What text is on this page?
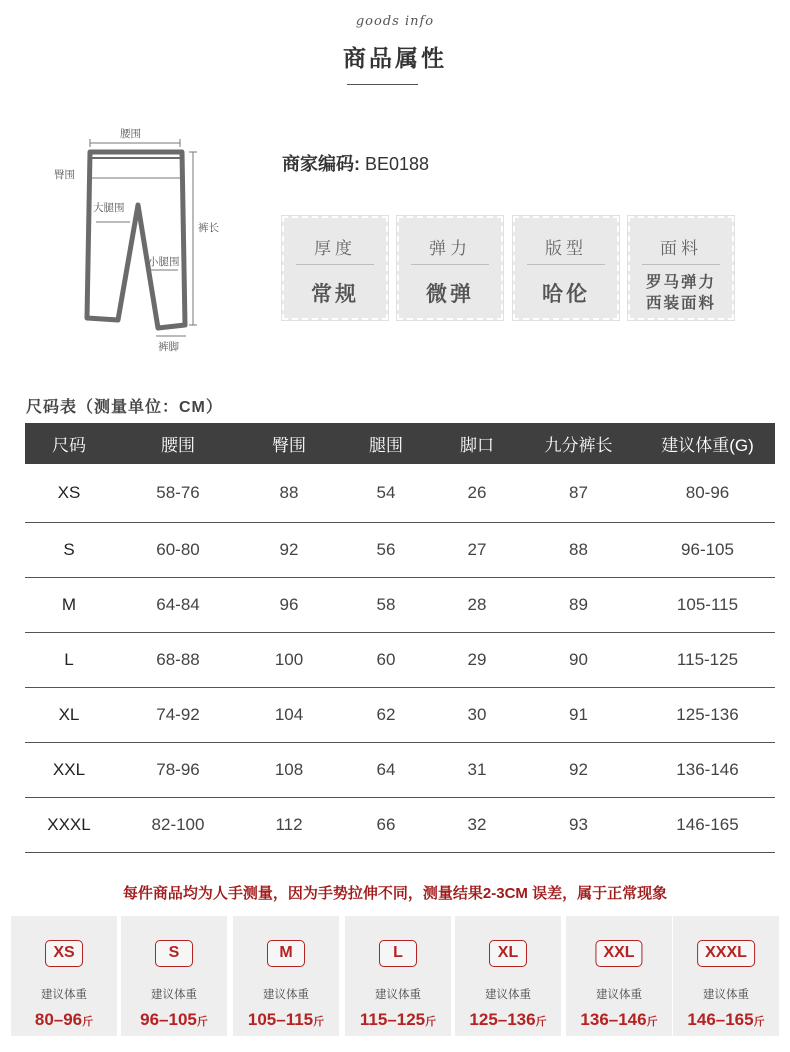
goods info
商品属性
腰围
臀围
大腿围
小腿围
裤长
裤脚
商家编码: BE0188
厚度
常规
弹力
微弹
版型
哈伦
面料
罗马弹力
西装面料
尺码表（测量单位：CM）
尺码	腰围	臀围	腿围	脚口	九分裤长	建议体重(G)
XS	58-76	88	54	26	87	80-96
S	60-80	92	56	27	88	96-105
M	64-84	96	58	28	89	105-115
L	68-88	100	60	29	90	115-125
XL	74-92	104	62	30	91	125-136
XXL	78-96	108	64	31	92	136-146
XXXL	82-100	112	66	32	93	146-165
每件商品均为人手测量，因为手势拉伸不同，测量结果2-3CM 误差，属于正常现象
XS
建议体重
80–96斤
S
建议体重
96–105斤
M
建议体重
105–115斤
L
建议体重
115–125斤
XL
建议体重
125–136斤
XXL
建议体重
136–146斤
XXXL
建议体重
146–165斤
